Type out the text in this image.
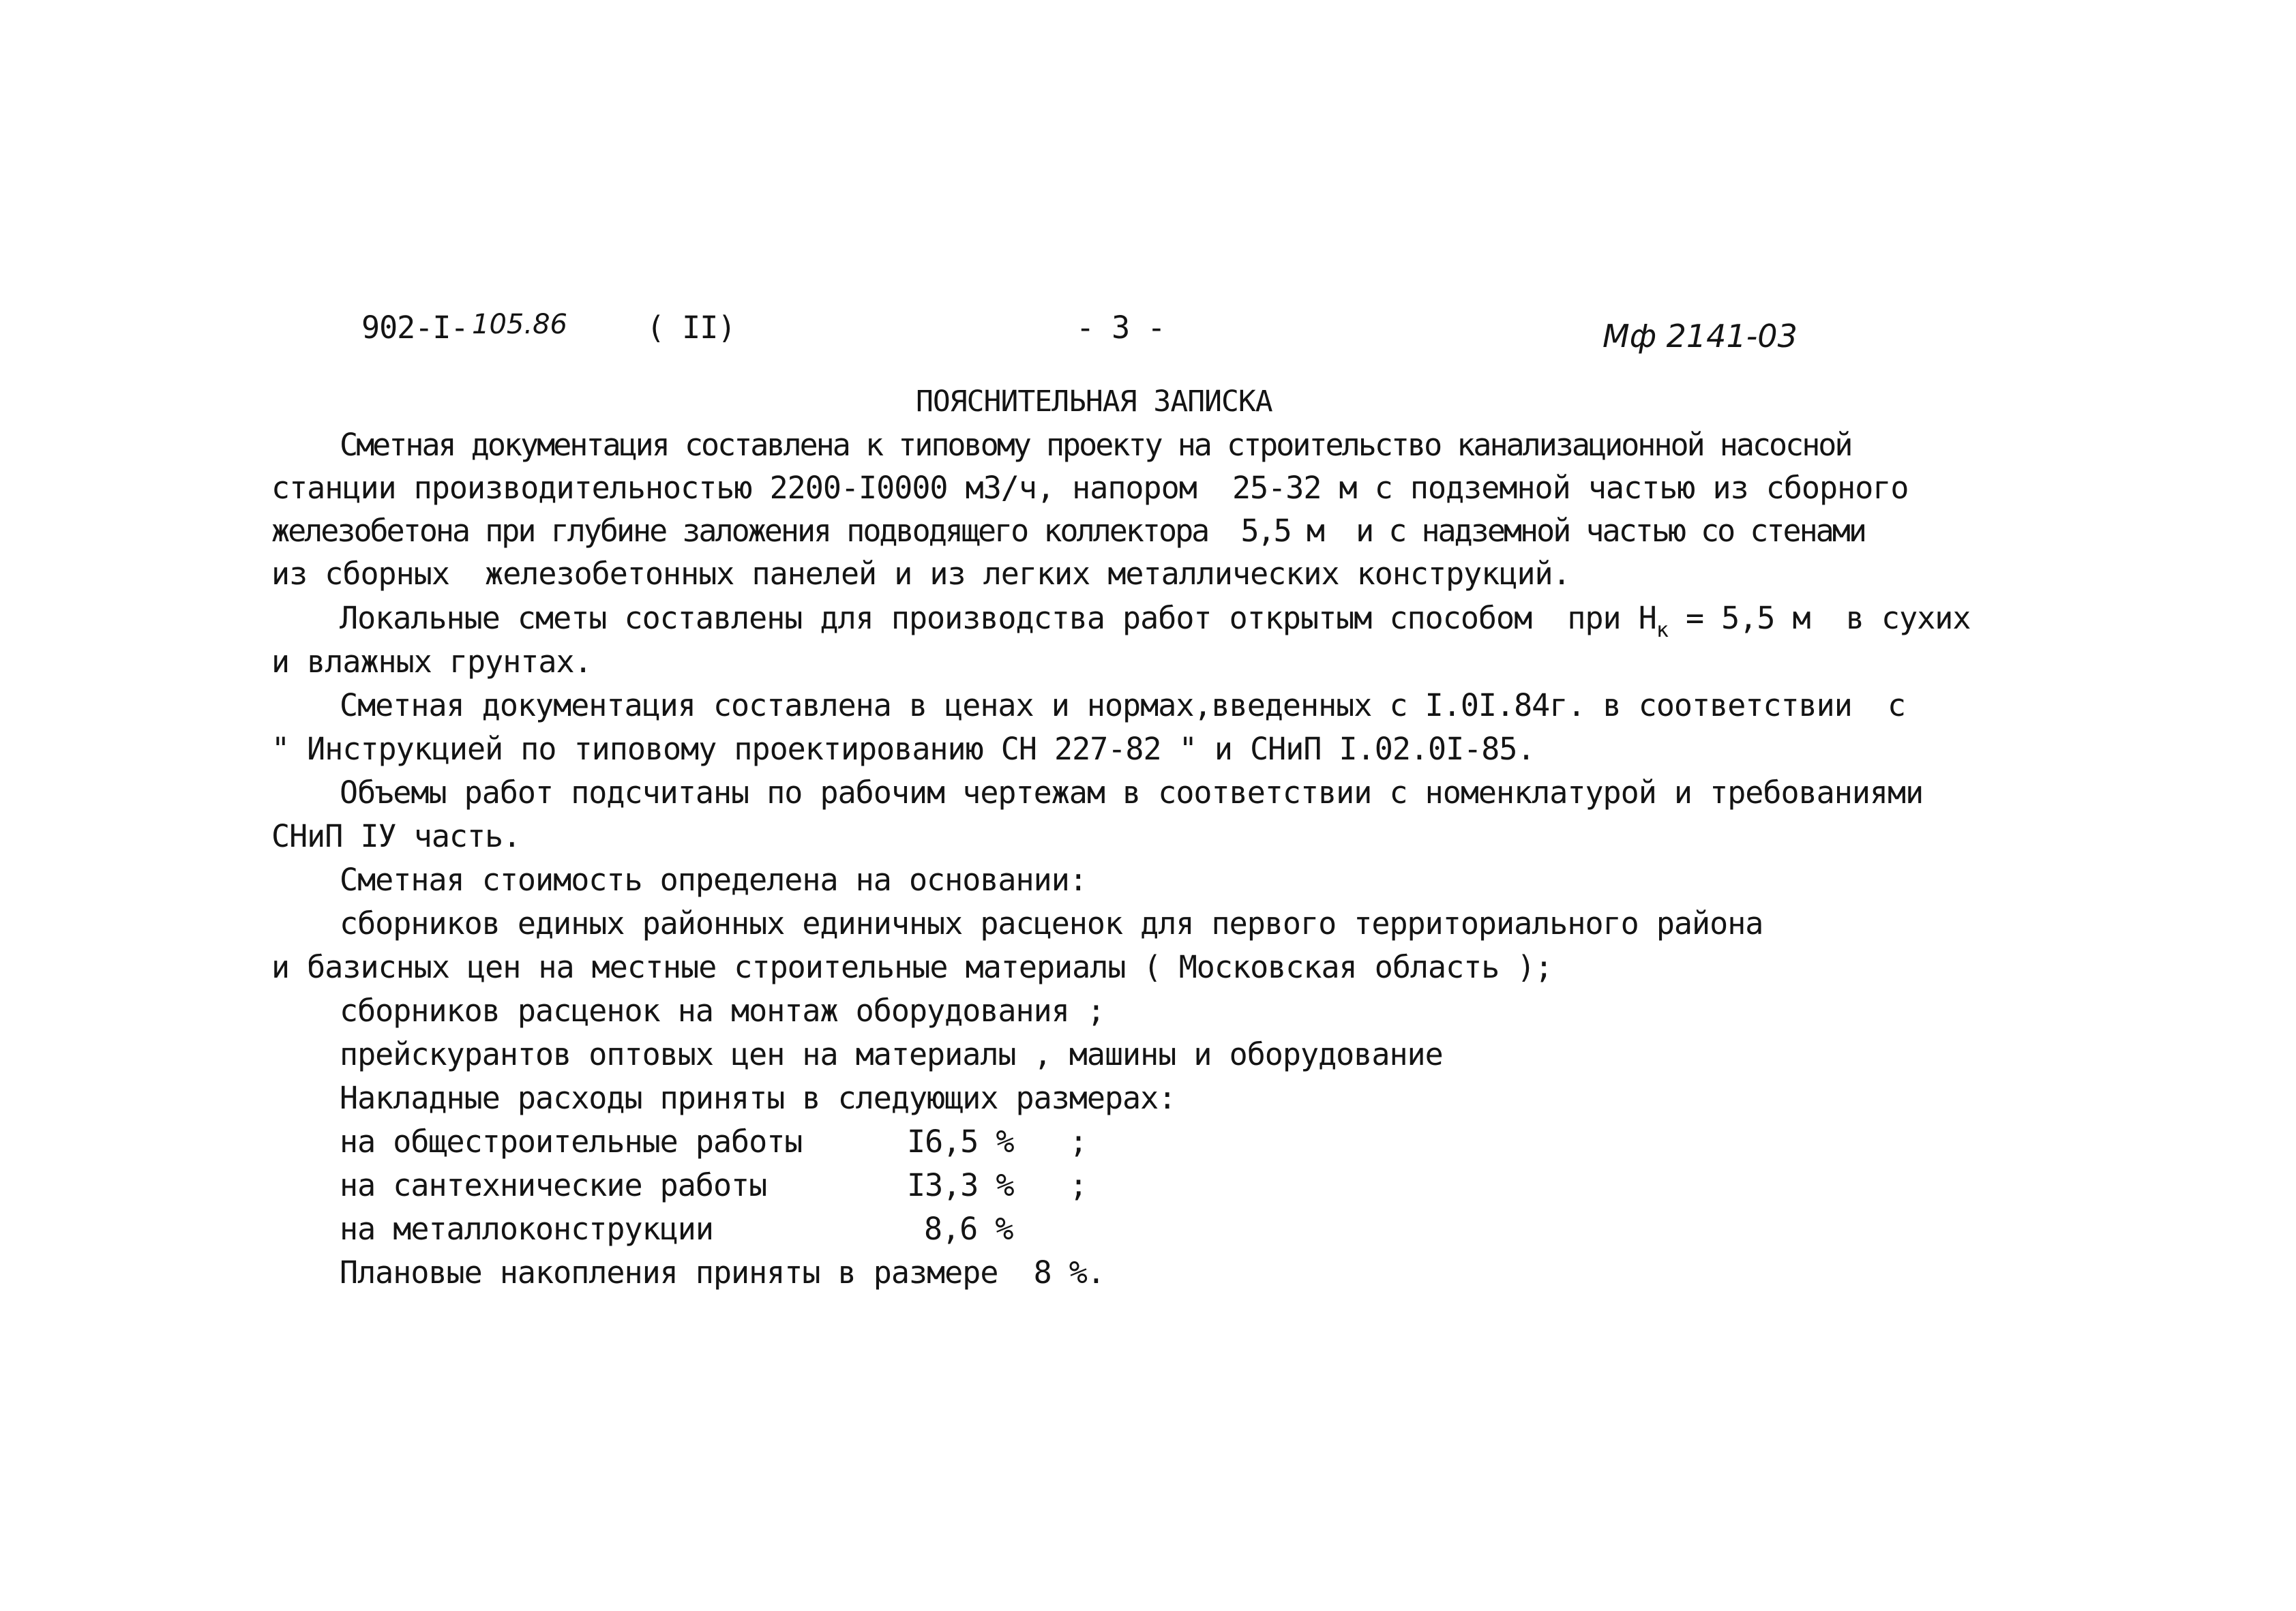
902-I- 105.86	( II)	- 3 -	Мф 2141-03
ПОЯСНИТЕЛЬНАЯ ЗАПИСКА
Сметная документация составлена к типовому проекту на строительство канализационной насосной
станции производительностью 2200-I0000 м3/ч, напором  25-32 м с подземной частью из сборного
железобетона при глубине заложения подводящего коллектора  5,5 м  и с надземной частью со стенами
из сборных  железобетонных панелей и из легких металлических конструкций.
Локальные сметы составлены для производства работ открытым способом  при $Н_к = 5,5$ м  в сухих
и влажных грунтах.
Сметная документация составлена в ценах и нормах,введенных с I.0I.84г. в соответствии  с
" Инструкцией по типовому проектированию СН 227-82 " и СНиП I.02.0I-85.
Объемы работ подсчитаны по рабочим чертежам в соответствии с номенклатурой и требованиями
СНиП IУ часть.
Сметная стоимость определена на основании:
сборников единых районных единичных расценок для первого территориального района
и базисных цен на местные строительные материалы ( Московская область );
сборников расценок на монтаж оборудования ;
прейскурантов оптовых цен на материалы , машины и оборудование
Накладные расходы приняты в следующих размерах:
на общестроительные работы	I6,5 % ;
на сантехнические работы	I3,3 % ;
на металлоконструкции	8,6 %
Плановые накопления приняты в размере  8 %.
